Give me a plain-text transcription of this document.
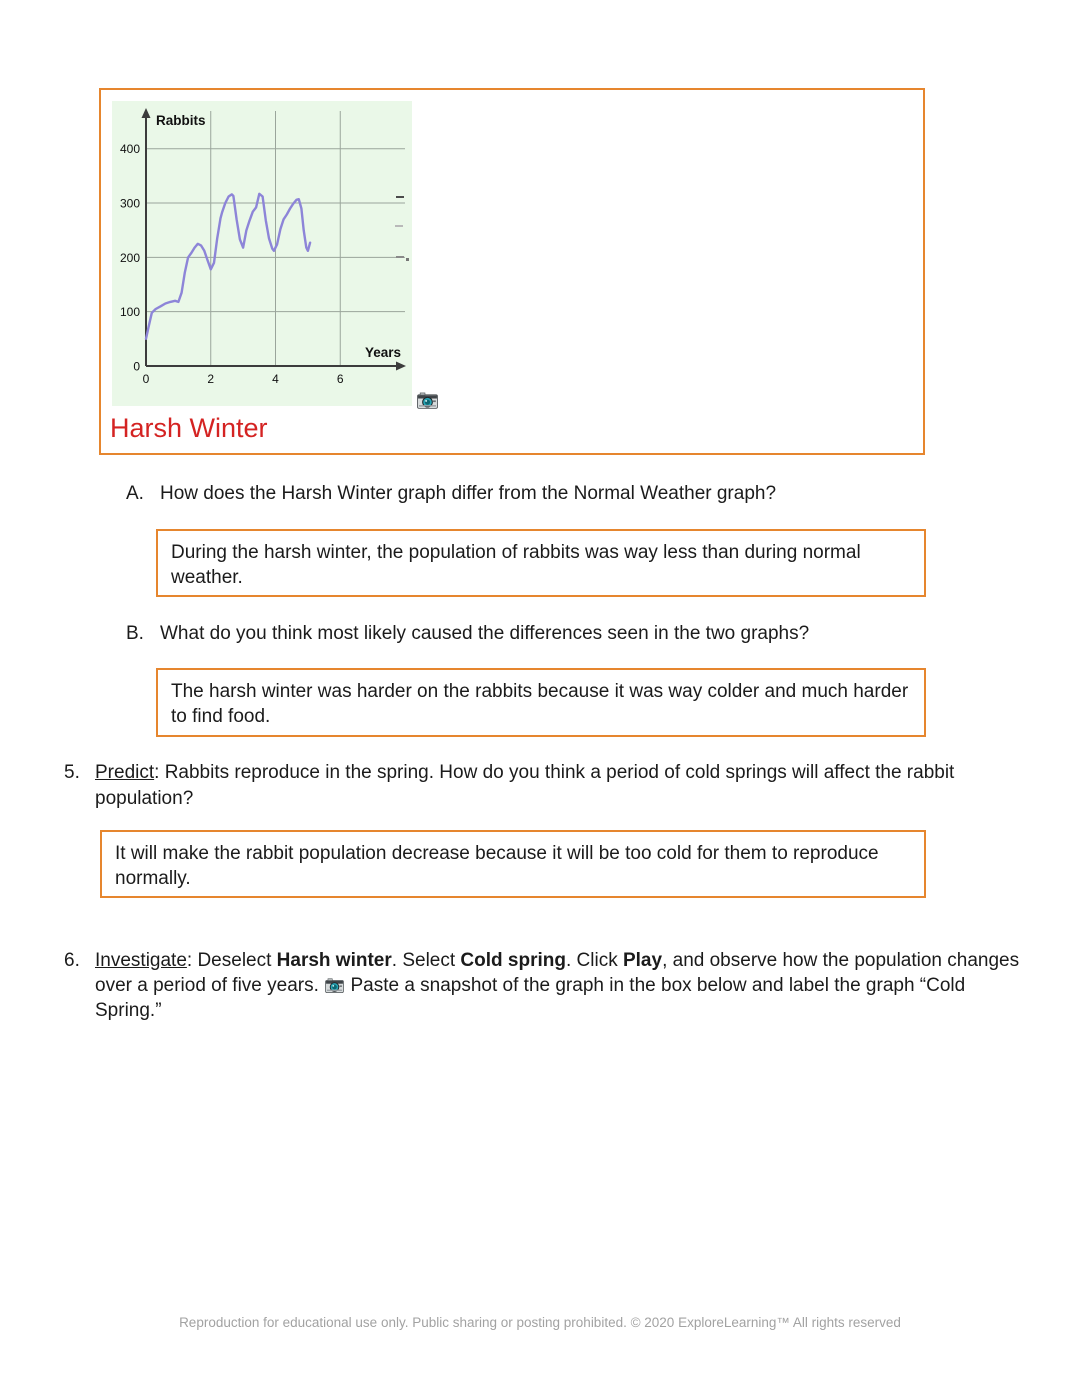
0
100
200
300
400
0	2	4	6
Rabbits
Years
Harsh Winter
A. How does the Harsh Winter graph differ from the Normal Weather graph?
During the harsh winter, the population of rabbits was way less than during normal weather.
B. What do you think most likely caused the differences seen in the two graphs?
The harsh winter was harder on the rabbits because it was way colder and much harder to find food.
5. Predict: Rabbits reproduce in the spring. How do you think a period of cold springs will affect the rabbit population?
It will make the rabbit population decrease because it will be too cold for them to reproduce normally.
6. Investigate: Deselect Harsh winter. Select Cold spring. Click Play, and observe how the population changes over a period of five years.
Paste a snapshot of the graph in the box below and label the graph “Cold Spring.”
Reproduction for educational use only. Public sharing or posting prohibited. © 2020 ExploreLearning™ All rights reserved
